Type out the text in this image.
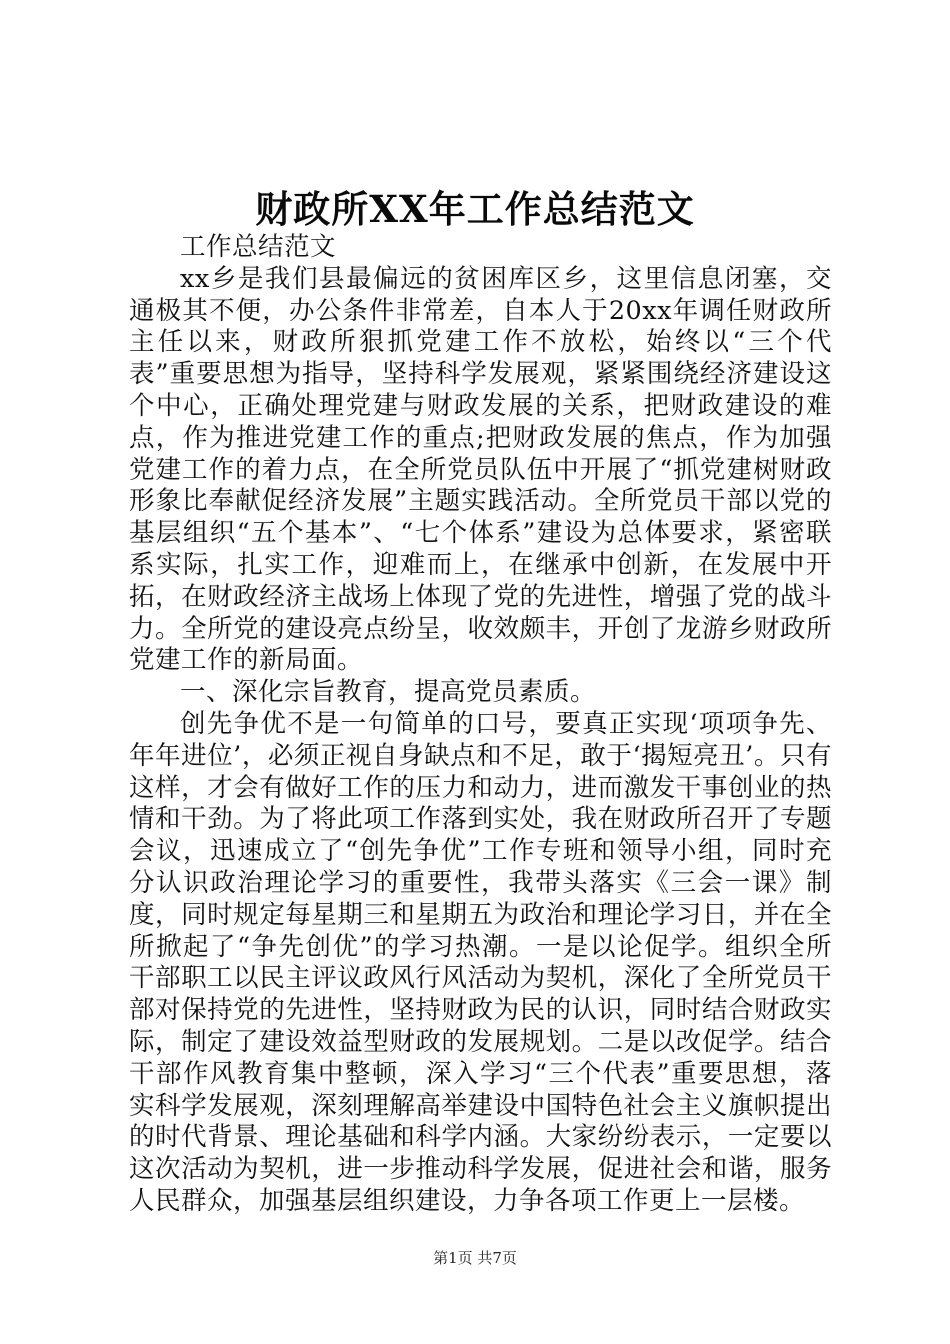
财政所XX年工作总结范文

工作总结范文

xx乡是我们县最偏远的贫困库区乡，这里信息闭塞，交通极其不便，办公条件非常差，自本人于20xx年调任财政所主任以来，财政所狠抓党建工作不放松，始终以“三个代表”重要思想为指导，坚持科学发展观，紧紧围绕经济建设这个中心，正确处理党建与财政发展的关系，把财政建设的难点，作为推进党建工作的重点;把财政发展的焦点，作为加强党建工作的着力点，在全所党员队伍中开展了“抓党建树财政形象比奉献促经济发展”主题实践活动。全所党员干部以党的基层组织“五个基本”、“七个体系”建设为总体要求，紧密联系实际，扎实工作，迎难而上，在继承中创新，在发展中开拓，在财政经济主战场上体现了党的先进性，增强了党的战斗力。全所党的建设亮点纷呈，收效颇丰，开创了龙游乡财政所党建工作的新局面。

一、深化宗旨教育，提高党员素质。

创先争优不是一句简单的口号，要真正实现‘项项争先、年年进位’，必须正视自身缺点和不足，敢于‘揭短亮丑’。只有这样，才会有做好工作的压力和动力，进而激发干事创业的热情和干劲。为了将此项工作落到实处，我在财政所召开了专题会议，迅速成立了“创先争优”工作专班和领导小组，同时充分认识政治理论学习的重要性，我带头落实《三会一课》制度，同时规定每星期三和星期五为政治和理论学习日，并在全所掀起了“争先创优”的学习热潮。一是以论促学。组织全所干部职工以民主评议政风行风活动为契机，深化了全所党员干部对保持党的先进性，坚持财政为民的认识，同时结合财政实际，制定了建设效益型财政的发展规划。二是以改促学。结合干部作风教育集中整顿，深入学习“三个代表”重要思想，落实科学发展观，深刻理解高举建设中国特色社会主义旗帜提出的时代背景、理论基础和科学内涵。大家纷纷表示，一定要以这次活动为契机，进一步推动科学发展，促进社会和谐，服务人民群众，加强基层组织建设，力争各项工作更上一层楼。

第1页 共7页
